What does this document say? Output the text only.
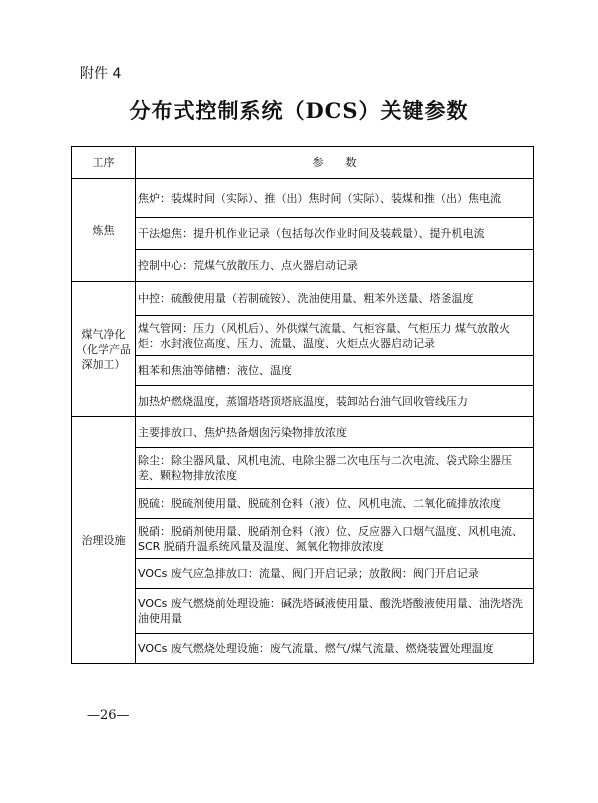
附件 4
分布式控制系统（DCS）关键参数
工序	参　　数
炼焦	焦炉：装煤时间（实际）、推（出）焦时间（实际）、装煤和推（出）焦电流
	干法熄焦：提升机作业记录（包括每次作业时间及装载量）、提升机电流
	控制中心：荒煤气放散压力、点火器启动记录
煤气净化（化学产品深加工）	中控：硫酸使用量（若制硫铵）、洗油使用量、粗苯外送量、塔釜温度
	煤气管网：压力（风机后）、外供煤气流量、气柜容量、气柜压力 煤气放散火炬：水封液位高度、压力、流量、温度、火炬点火器启动记录
	粗苯和焦油等储槽：液位、温度
	加热炉燃烧温度，蒸馏塔塔顶塔底温度，装卸站台油气回收管线压力
治理设施	主要排放口、焦炉热备烟囱污染物排放浓度
	除尘：除尘器风量、风机电流、电除尘器二次电压与二次电流、袋式除尘器压差、颗粒物排放浓度
	脱硫：脱硫剂使用量、脱硫剂仓料（液）位、风机电流、二氧化硫排放浓度
	脱硝：脱硝剂使用量、脱硝剂仓料（液）位、反应器入口烟气温度、风机电流、SCR 脱硝升温系统风量及温度、氮氧化物排放浓度
	VOCs 废气应急排放口：流量、阀门开启记录；放散阀：阀门开启记录
	VOCs 废气燃烧前处理设施：碱洗塔碱液使用量、酸洗塔酸液使用量、油洗塔洗油使用量
	VOCs 废气燃烧处理设施：废气流量、燃气/煤气流量、燃烧装置处理温度
—26—
